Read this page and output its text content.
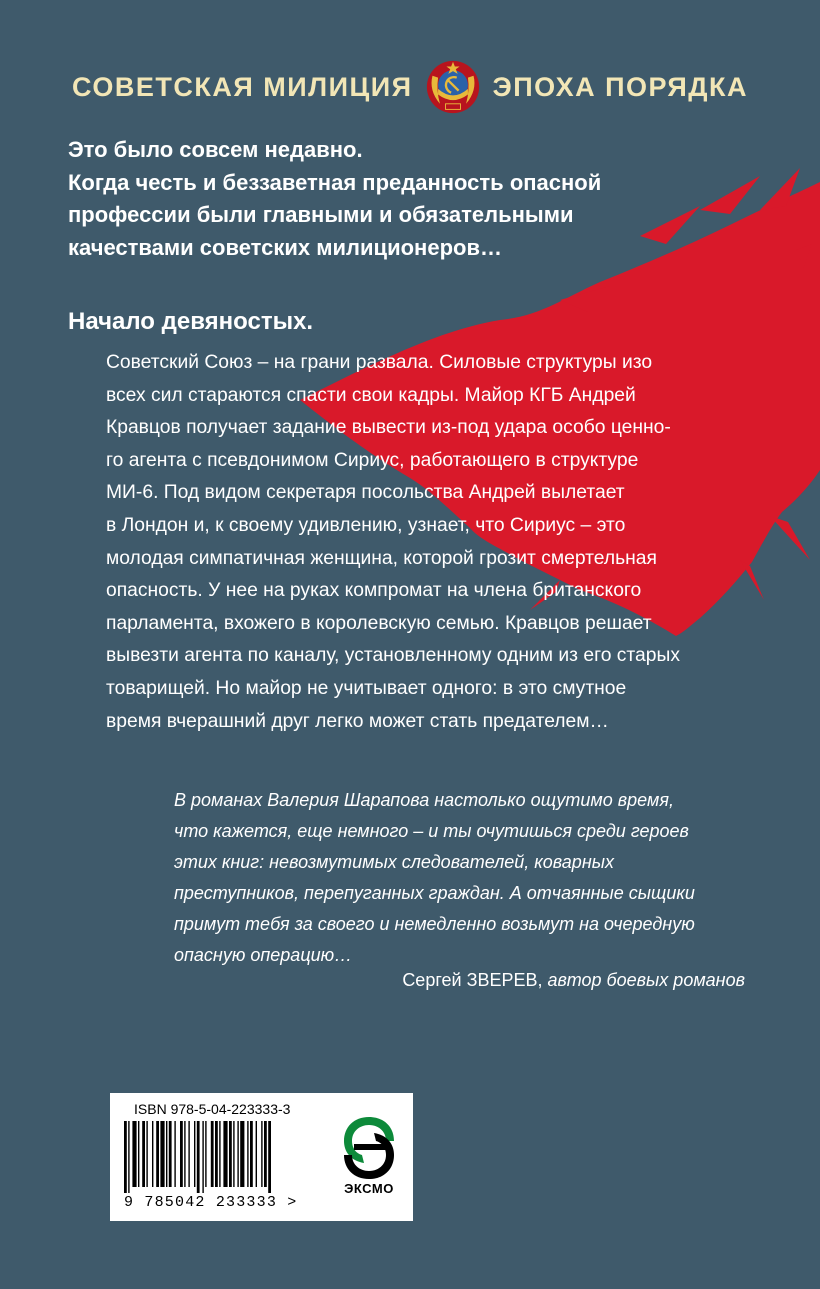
СОВЕТСКАЯ МИЛИЦИЯ	ЭПОХА ПОРЯДКА
Это было совсем недавно.
Когда честь и беззаветная преданность опасной
профессии были главными и обязательными
качествами советских милиционеров…
Начало девяностых.

Советский Союз – на грани развала. Силовые структуры изо

всех сил стараются спасти свои кадры. Майор КГБ Андрей

Кравцов получает задание вывести из-под удара особо ценно-

го агента с псевдонимом Сириус, работающего в структуре

МИ-6. Под видом секретаря посольства Андрей вылетает

в Лондон и, к своему удивлению, узнает, что Сириус – это

молодая симпатичная женщина, которой грозит смертельная

опасность. У нее на руках компромат на члена британского

парламента, вхожего в королевскую семью. Кравцов решает

вывезти агента по каналу, установленному одним из его старых

товарищей. Но майор не учитывает одного: в это смутное

время вчерашний друг легко может стать предателем…

В романах Валерия Шарапова настолько ощутимо время,

что кажется, еще немного – и ты очутишься среди героев

этих книг: невозмутимых следователей, коварных

преступников, перепуганных граждан. А отчаянные сыщики

примут тебя за своего и немедленно возьмут на очередную

опасную операцию…

Сергей ЗВЕРЕВ, автор боевых романов
ISBN 978-5-04-223333-3
9 785042 233333 >
ЭКСМО
